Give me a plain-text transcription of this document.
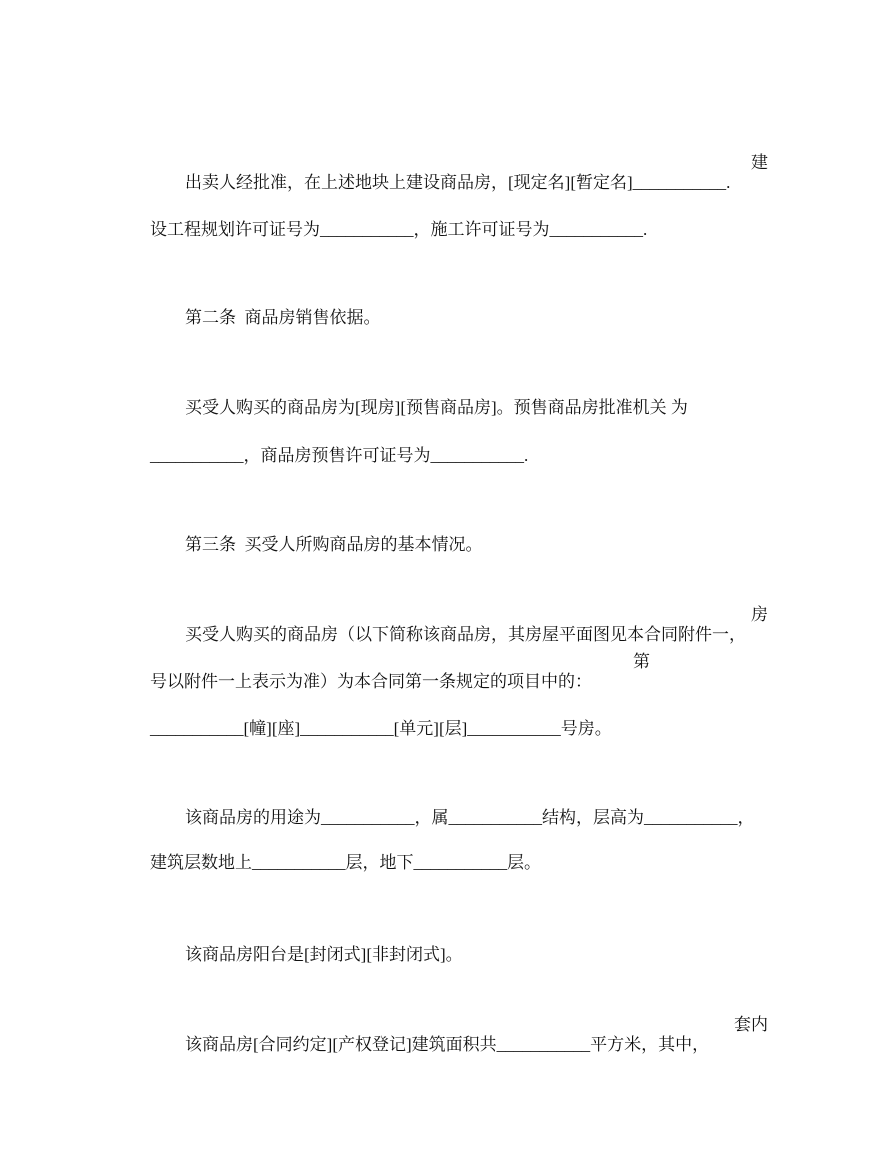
出卖人经批准，在上述地块上建设商品房，[现定名][暂定名]___________.
建

设工程规划许可证号为___________，施工许可证号为___________.

第二条  商品房销售依据。

买受人购买的商品房为[现房][预售商品房]。预售商品房批准机关 为

___________，商品房预售许可证号为___________.

第三条  买受人所购商品房的基本情况。

买受人购买的商品房（以下简称该商品房，其房屋平面图见本合同附件一，
房

号以附件一上表示为准）为本合同第一条规定的项目中的：
第

___________[幢][座]___________[单元][层]___________号房。

该商品房的用途为___________，属___________结构，层高为___________，

建筑层数地上___________层，地下___________层。

该商品房阳台是[封闭式][非封闭式]。

该商品房[合同约定][产权登记]建筑面积共___________平方米，其中，
套内
